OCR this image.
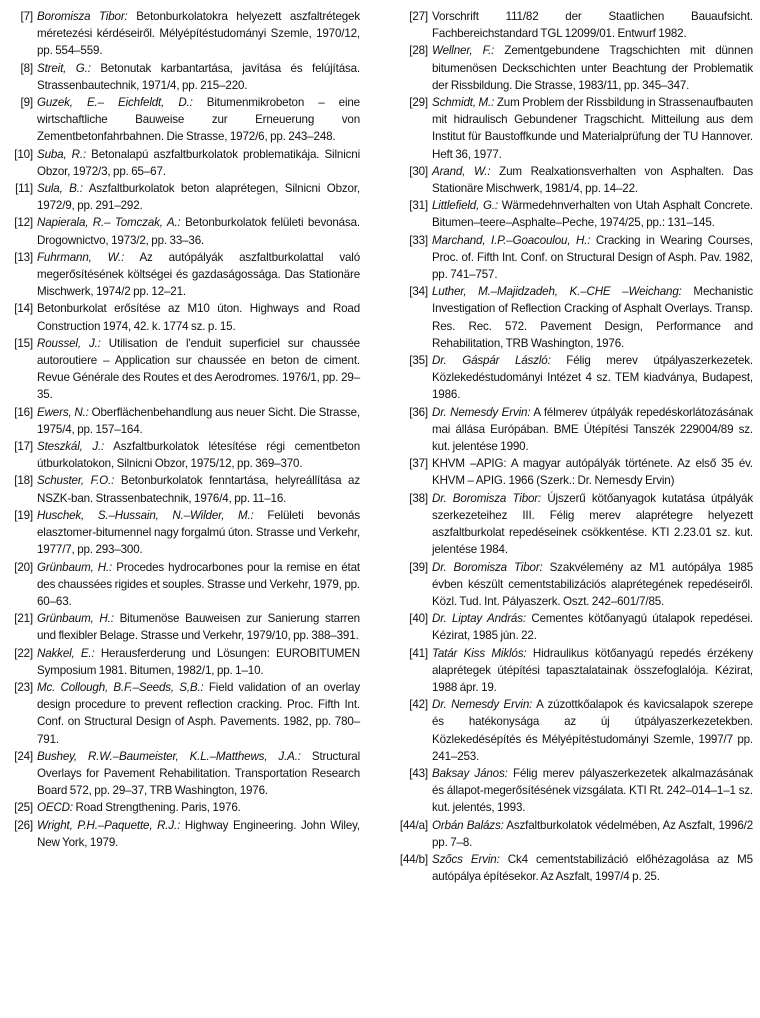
[7] Boromisza Tibor: Betonburkolatokra helyezett aszfaltrétegek méretezési kérdéseiről. Mélyépítéstudományi Szemle, 1970/12, pp. 554–559.

[8] Streit, G.: Betonutak karbantartása, javítása és felújítása. Strassenbautechnik, 1971/4, pp. 215–220.

[9] Guzek, E.– Eichfeldt, D.: Bitumenmikrobeton – eine wirtschaftliche Bauweise zur Erneuerung von Zementbetonfahrbahnen. Die Strasse, 1972/6, pp. 243–248.

[10] Suba, R.: Betonalapú aszfaltburkolatok problematikája. Silnicni Obzor, 1972/3, pp. 65–67.

[11] Sula, B.: Aszfaltburkolatok beton alaprétegen, Silnicni Obzor, 1972/9, pp. 291–292.

[12] Napierala, R.– Tomczak, A.: Betonburkolatok felületi bevonása. Drogownictvo, 1973/2, pp. 33–36.

[13] Fuhrmann, W.: Az autópályák aszfaltburkolattal való megerősítésének költségei és gazdaságossága. Das Stationäre Mischwerk, 1974/2 pp. 12–21.

[14] Betonburkolat erősítése az M10 úton. Highways and Road Construction 1974, 42. k. 1774 sz. p. 15.

[15] Roussel, J.: Utilisation de l'enduit superficiel sur chaussée autoroutiere – Application sur chaussée en beton de ciment. Revue Générale des Routes et des Aerodromes. 1976/1, pp. 29–35.

[16] Ewers, N.: Oberflächenbehandlung aus neuer Sicht. Die Strasse, 1975/4, pp. 157–164.

[17] Steszkál, J.: Aszfaltburkolatok létesítése régi cementbeton útburkolatokon, Silnicni Obzor, 1975/12, pp. 369–370.

[18] Schuster, F.O.: Betonburkolatok fenntartása, helyreállítása az NSZK-ban. Strassenbatechnik, 1976/4, pp. 11–16.

[19] Huschek, S.–Hussain, N.–Wilder, M.: Felületi bevonás elasztomer-bitumennel nagy forgalmú úton. Strasse und Verkehr, 1977/7, pp. 293–300.

[20] Grünbaum, H.: Procedes hydrocarbones pour la remise en état des chaussées rigides et souples. Strasse und Verkehr, 1979, pp. 60–63.

[21] Grünbaum, H.: Bitumenöse Bauweisen zur Sanierung starren und flexibler Belage. Strasse und Verkehr, 1979/10, pp. 388–391.

[22] Nakkel, E.: Herausferderung und Lösungen: EUROBITUMEN Symposium 1981. Bitumen, 1982/1, pp. 1–10.

[23] Mc. Collough, B.F.–Seeds, S,B.: Field validation of an overlay design procedure to prevent reflection cracking. Proc. Fifth Int. Conf. on Structural Design of Asph. Pavements. 1982, pp. 780–791.

[24] Bushey, R.W.–Baumeister, K.L.–Matthews, J.A.: Structural Overlays for Pavement Rehabilitation. Transportation Research Board 572, pp. 29–37, TRB Washington, 1976.

[25] OECD: Road Strengthening. Paris, 1976.

[26] Wright, P.H.–Paquette, R.J.: Highway Engineering. John Wiley, New York, 1979.

[27] Vorschrift 111/82 der Staatlichen Bauaufsicht. Fachbereichstandard TGL 12099/01. Entwurf 1982.

[28] Wellner, F.: Zementgebundene Tragschichten mit dünnen bitumenösen Deckschichten unter Beachtung der Problematik der Rissbildung. Die Strasse, 1983/11, pp. 345–347.

[29] Schmidt, M.: Zum Problem der Rissbildung in Strassenaufbauten mit hidraulisch Gebundener Tragschicht. Mitteilung aus dem Institut für Baustoffkunde und Materialprüfung der TU Hannover. Heft 36, 1977.

[30] Arand, W.: Zum Realxationsverhalten von Asphalten. Das Stationäre Mischwerk, 1981/4, pp. 14–22.

[31] Littlefield, G.: Wärmedehnverhalten von Utah Asphalt Concrete. Bitumen–teere–Asphalte–Peche, 1974/25, pp.: 131–145.

[33] Marchand, I.P.–Goacoulou, H.: Cracking in Wearing Courses, Proc. of. Fifth Int. Conf. on Structural Design of Asph. Pav. 1982, pp. 741–757.

[34] Luther, M.–Majidzadeh, K.–CHE –Weichang: Mechanistic Investigation of Reflection Cracking of Asphalt Overlays. Transp. Res. Rec. 572. Pavement Design, Performance and Rehabilitation, TRB Washington, 1976.

[35] Dr. Gáspár László: Félig merev útpályaszerkezetek. Közlekedéstudományi Intézet 4 sz. TEM kiadványa, Budapest, 1986.

[36] Dr. Nemesdy Ervin: A félmerev útpályák repedéskorlátozásának mai állása Európában. BME Útépítési Tanszék 229004/89 sz. kut. jelentése 1990.

[37] KHVM –APIG: A magyar autópályák története. Az első 35 év. KHVM – APIG. 1966 (Szerk.: Dr. Nemesdy Ervin)

[38] Dr. Boromisza Tibor: Újszerű kötőanyagok kutatása útpályák szerkezeteihez III. Félig merev alaprétegre helyezett aszfaltburkolat repedéseinek csökkentése. KTI 2.23.01 sz. kut. jelentése 1984.

[39] Dr. Boromisza Tibor: Szakvélemény az M1 autópálya 1985 évben készült cementstabilizációs alaprétegének repedéseiről. Közl. Tud. Int. Pályaszerk. Oszt. 242–601/7/85.

[40] Dr. Liptay András: Cementes kötőanyagú útalapok repedései. Kézirat, 1985 jún. 22.

[41] Tatár Kiss Miklós: Hidraulikus kötőanyagú repedés érzékeny alaprétegek útépítési tapasztalatainak összefoglalója. Kézirat, 1988 ápr. 19.

[42] Dr. Nemesdy Ervin: A zúzottkőalapok és kavicsalapok szerepe és hatékonysága az új útpályaszerkezetekben. Közlekedésépítés és Mélyépítéstudományi Szemle, 1997/7 pp. 241–253.

[43] Baksay János: Félig merev pályaszerkezetek alkalmazásának és állapot-megerősítésének vizsgálata. KTI Rt. 242–014–1–1 sz. kut. jelentés, 1993.

[44/a] Orbán Balázs: Aszfaltburkolatok védelmében, Az Aszfalt, 1996/2 pp. 7–8.

[44/b] Szőcs Ervin: Ck4 cementstabilizáció előhézagolása az M5 autópálya építésekor. Az Aszfalt, 1997/4 p. 25.
